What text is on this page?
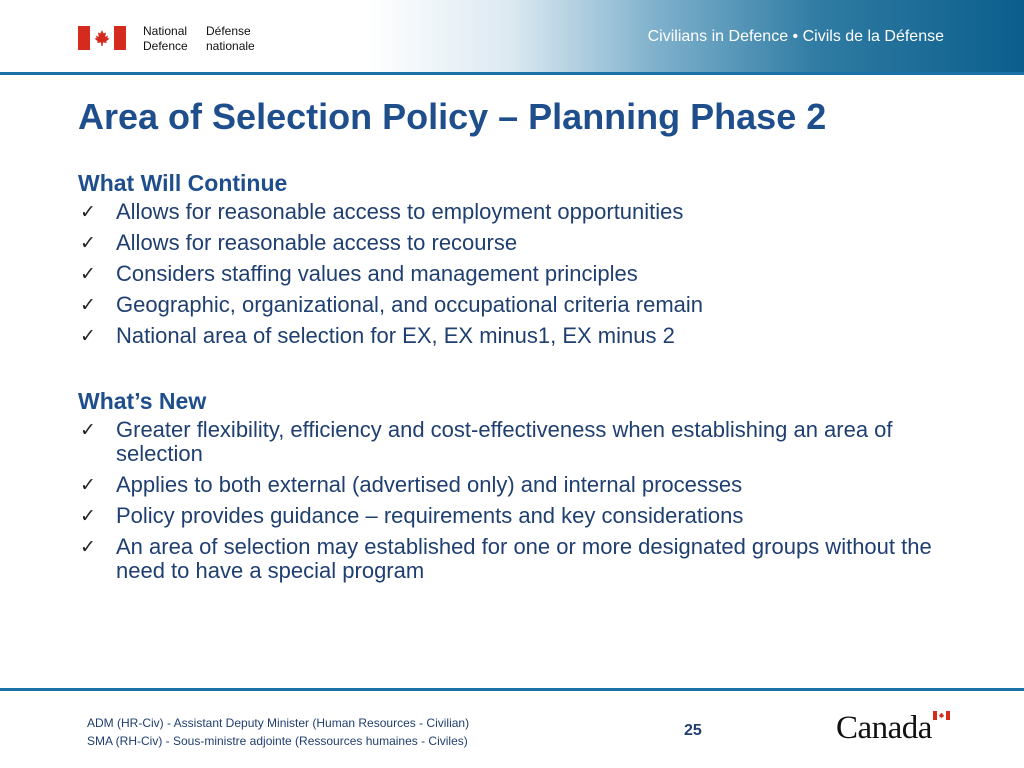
National
Defence
Défense
nationale
Civilians in Defence • Civils de la Défense
Area of Selection Policy – Planning Phase 2
What Will Continue
✓ Allows for reasonable access to employment opportunities
✓ Allows for reasonable access to recourse
✓ Considers staffing values and management principles
✓ Geographic, organizational, and occupational criteria remain
✓ National area of selection for EX, EX minus1, EX minus 2
What’s New
✓ Greater flexibility, efficiency and cost-effectiveness when establishing an area of selection
✓ Applies to both external (advertised only) and internal processes
✓ Policy provides guidance – requirements and key considerations
✓ An area of selection may established for one or more designated groups without the need to have a special program
ADM (HR-Civ) - Assistant Deputy Minister (Human Resources - Civilian)
SMA (RH-Civ) - Sous-ministre adjointe (Ressources humaines - Civiles)
25	Canada
